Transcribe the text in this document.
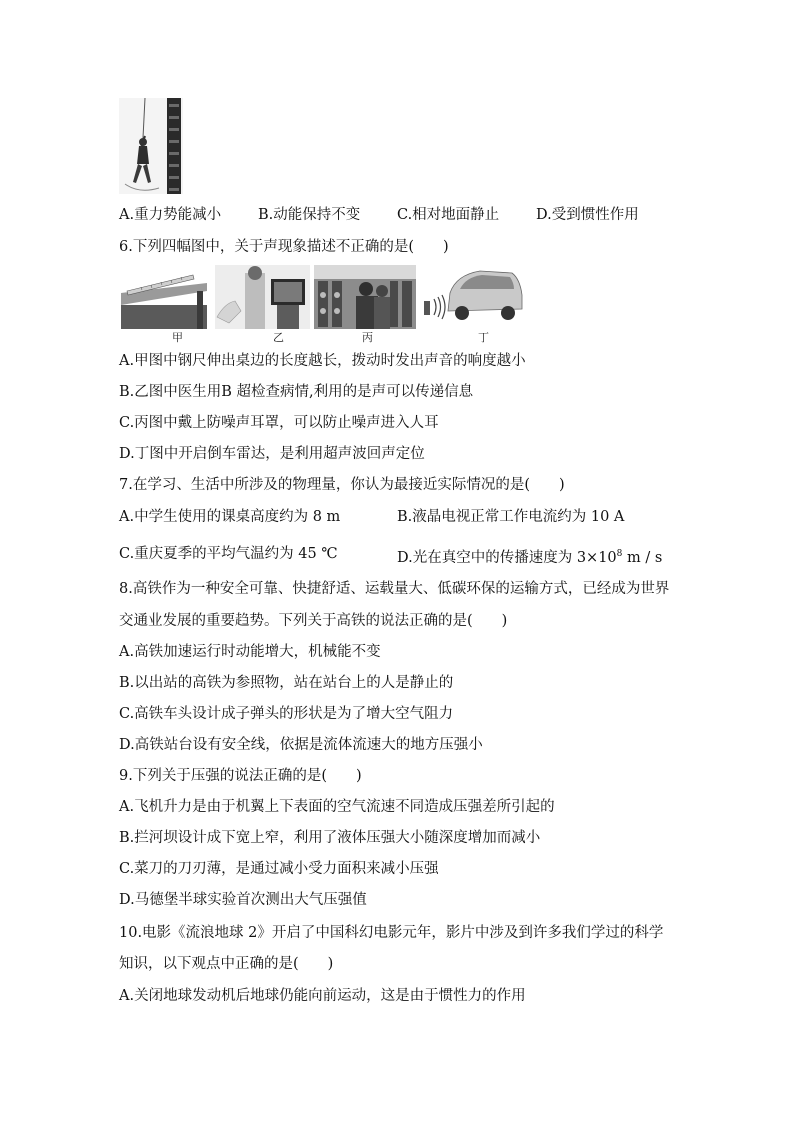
A.重力势能减小	B.动能保持不变	C.相对地面静止	D.受到惯性作用
6.下列四幅图中，关于声现象描述不正确的是(　　)
甲	乙	丙	丁
A.甲图中钢尺伸出桌边的长度越长，拨动时发出声音的响度越小
B.乙图中医生用B 超检查病情,利用的是声可以传递信息
C.丙图中戴上防噪声耳罩，可以防止噪声进入人耳
D.丁图中开启倒车雷达，是利用超声波回声定位
7.在学习、生活中所涉及的物理量，你认为最接近实际情况的是(　　)
A.中学生使用的课桌高度约为 8 m	B.液晶电视正常工作电流约为 10 A
C.重庆夏季的平均气温约为 45 ℃	D.光在真空中的传播速度为 $3\times 10^8$ m / s
8.高铁作为一种安全可靠、快捷舒适、运载量大、低碳环保的运输方式，已经成为世界
交通业发展的重要趋势。下列关于高铁的说法正确的是(　　)
A.高铁加速运行时动能增大，机械能不变
B.以出站的高铁为参照物，站在站台上的人是静止的
C.高铁车头设计成子弹头的形状是为了增大空气阻力
D.高铁站台设有安全线，依据是流体流速大的地方压强小
9.下列关于压强的说法正确的是(　　)
A.飞机升力是由于机翼上下表面的空气流速不同造成压强差所引起的
B.拦河坝设计成下宽上窄，利用了液体压强大小随深度增加而减小
C.菜刀的刀刃薄，是通过减小受力面积来减小压强
D.马德堡半球实验首次测出大气压强值
10.电影《流浪地球 2》开启了中国科幻电影元年，影片中涉及到许多我们学过的科学
知识，以下观点中正确的是(　　)
A.关闭地球发动机后地球仍能向前运动，这是由于惯性力的作用
